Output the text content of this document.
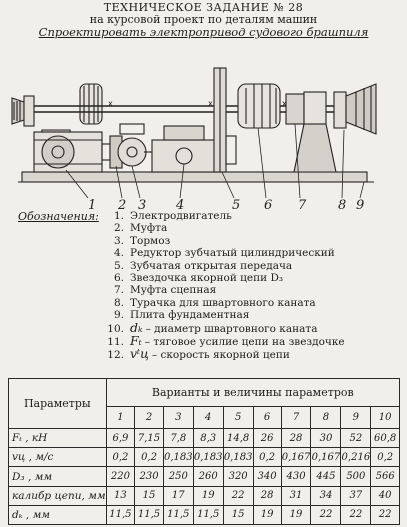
ТЕХНИЧЕСКОЕ ЗАДАНИЕ № 28
на курсовой проект по деталям машин
Спроектировать электропривод судового брашпиля
1 2 3 4	5 6 7 8 9
x	x	x
Обозначения:	1. Электродвигатель
2. Муфта
3. Тормоз
4. Редуктор зубчатый цилиндрический
5. Зубчатая открытая передача
6. Звездочка якорной цепи D₃
7. Муфта сцепная
8. Турачка для швартовного каната
9. Плита фундаментная
10. dₖ – диаметр швартовного каната
11. Fₜ – тяговое усилие цепи на звездочке
12. vᵗц – скорость якорной цепи
Параметры	Варианты и величины параметров									
	1	2	3	4	5	6	7	8	9	10
Fₜ , кН	6,9	7,15	7,8	8,3	14,8	26	28	30	52	60,8
vц , м/с	0,2	0,2	0,183	0,183	0,183	0,2	0,167	0,167	0,216	0,2
D₃ , мм	220	230	250	260	320	340	430	445	500	566
калибр цепи, мм	13	15	17	19	22	28	31	34	37	40
dₖ , мм	11,5	11,5	11,5	11,5	15	19	19	22	22	22
